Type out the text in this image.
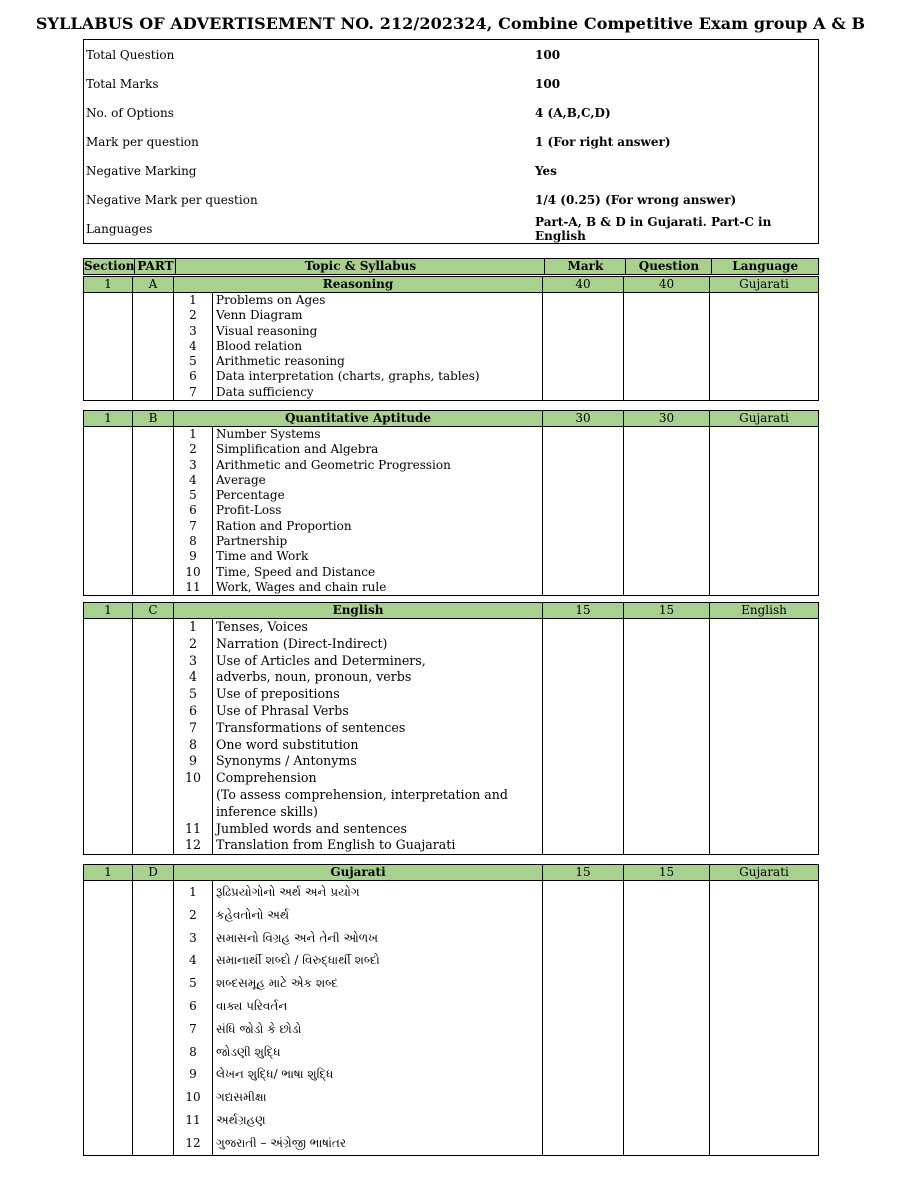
SYLLABUS OF ADVERTISEMENT NO. 212/202324, Combine Competitive Exam group A & B
Total Question	100
Total Marks	100
No. of Options	4 (A,B,C,D)
Mark per question	1 (For right answer)
Negative Marking	Yes
Negative Mark per question	1/4 (0.25) (For wrong answer)
Languages	Part-A, B & D in Gujarati. Part-C in English
Section	PART	Topic & Syllabus	Mark	Question	Language
1	A	Reasoning	40	40	Gujarati

1	Problems on Ages
2	Venn Diagram
3	Visual reasoning
4	Blood relation
5	Arithmetic reasoning
6	Data interpretation (charts, graphs, tables)
7	Data sufficiency

1	B	Quantitative Aptitude	30	30	Gujarati

1	Number Systems
2	Simplification and Algebra
3	Arithmetic and Geometric Progression
4	Average
5	Percentage
6	Profit-Loss
7	Ration and Proportion
8	Partnership
9	Time and Work
10	Time, Speed and Distance
11	Work, Wages and chain rule

1	C	English	15	15	English

1	Tenses, Voices
2	Narration (Direct-Indirect)
3	Use of Articles and Determiners,
4	adverbs, noun, pronoun, verbs
5	Use of prepositions
6	Use of Phrasal Verbs
7	Transformations of sentences
8	One word substitution
9	Synonyms / Antonyms
10	Comprehension
	(To assess comprehension, interpretation and inference skills)
11	Jumbled words and sentences
12	Translation from English to Guajarati

1	D	Gujarati	15	15	Gujarati

1	રૂઢિપ્રયોગોનો અર્થ અને પ્રયોગ
2	કહેવતોનો અર્થ
3	સમાસનો વિગ્રહ અને તેની ઓળખ
4	સમાનાર્થી શબ્દો / વિરુદ્ધાર્થી શબ્દો
5	શબ્દસમૂહ માટે એક શબ્દ
6	વાક્ય પરિવર્તન
7	સંધિ જોડો કે છોડો
8	જોડણી શુદ્ધિ
9	લેખન શુદ્ધિ/ ભાષા શુદ્ધિ
10	ગદ્યસમીક્ષા
11	અર્થગ્રહણ
12	ગુજરાતી – અંગ્રેજી ભાષાંતર
